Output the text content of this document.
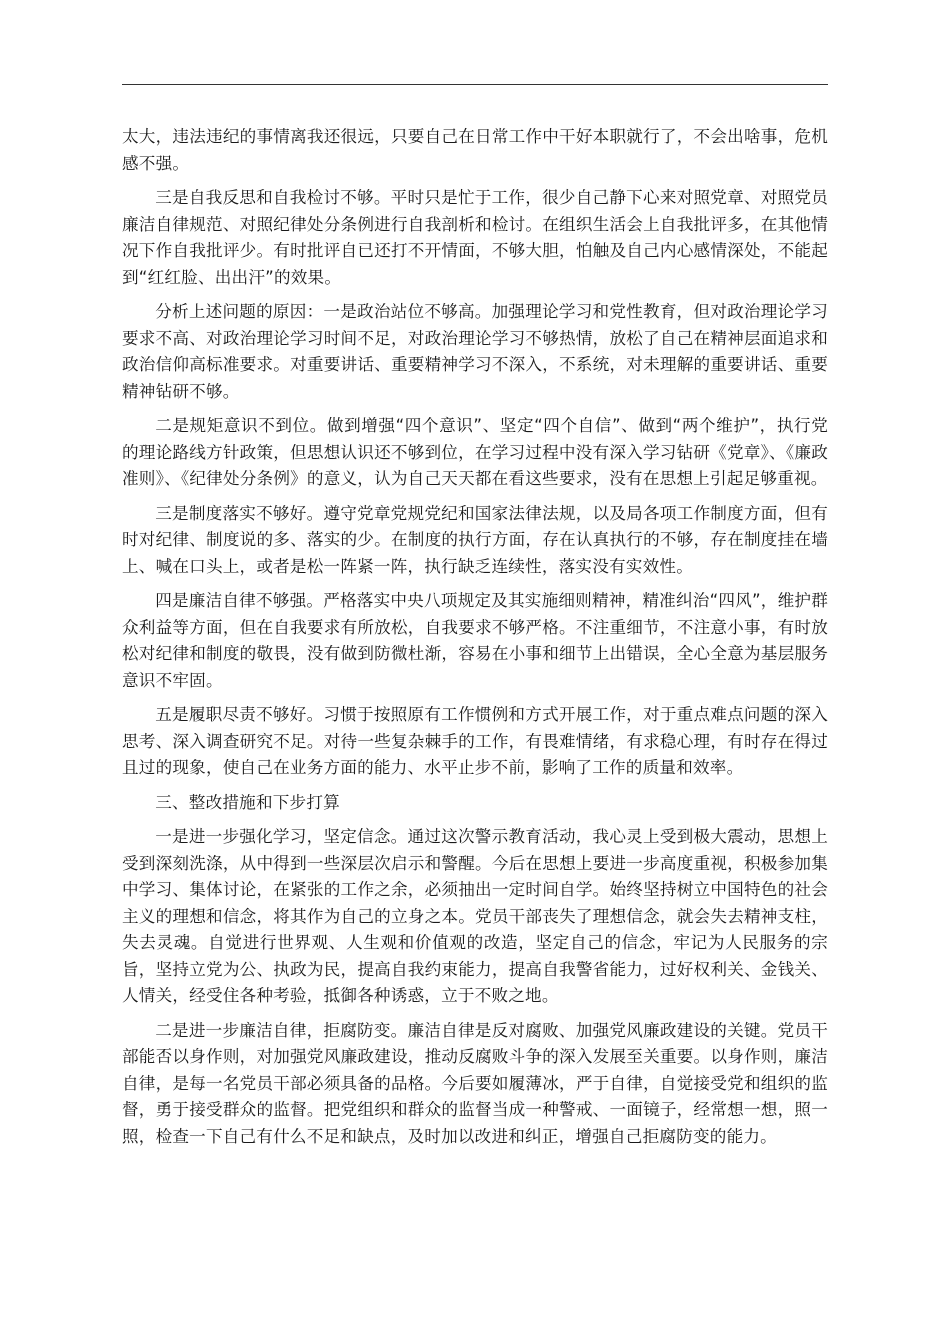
太大，违法违纪的事情离我还很远，只要自己在日常工作中干好本职就行了，不会出啥事，危机感不强。

三是自我反思和自我检讨不够。平时只是忙于工作，很少自己静下心来对照党章、对照党员廉洁自律规范、对照纪律处分条例进行自我剖析和检讨。在组织生活会上自我批评多，在其他情况下作自我批评少。有时批评自已还打不开情面，不够大胆，怕触及自己内心感情深处，不能起到“红红脸、出出汗”的效果。

分析上述问题的原因：一是政治站位不够高。加强理论学习和党性教育，但对政治理论学习要求不高、对政治理论学习时间不足，对政治理论学习不够热情，放松了自己在精神层面追求和政治信仰高标准要求。对重要讲话、重要精神学习不深入，不系统，对未理解的重要讲话、重要精神钻研不够。

二是规矩意识不到位。做到增强“四个意识”、坚定“四个自信”、做到“两个维护”，执行党的理论路线方针政策，但思想认识还不够到位，在学习过程中没有深入学习钻研《党章》、《廉政准则》、《纪律处分条例》的意义，认为自己天天都在看这些要求，没有在思想上引起足够重视。

三是制度落实不够好。遵守党章党规党纪和国家法律法规，以及局各项工作制度方面，但有时对纪律、制度说的多、落实的少。在制度的执行方面，存在认真执行的不够，存在制度挂在墙上、喊在口头上，或者是松一阵紧一阵，执行缺乏连续性，落实没有实效性。

四是廉洁自律不够强。严格落实中央八项规定及其实施细则精神，精准纠治“四风”，维护群众利益等方面，但在自我要求有所放松，自我要求不够严格。不注重细节，不注意小事，有时放松对纪律和制度的敬畏，没有做到防微杜渐，容易在小事和细节上出错误，全心全意为基层服务意识不牢固。

五是履职尽责不够好。习惯于按照原有工作惯例和方式开展工作，对于重点难点问题的深入思考、深入调查研究不足。对待一些复杂棘手的工作，有畏难情绪，有求稳心理，有时存在得过且过的现象，使自己在业务方面的能力、水平止步不前，影响了工作的质量和效率。

三、整改措施和下步打算

一是进一步强化学习，坚定信念。通过这次警示教育活动，我心灵上受到极大震动，思想上受到深刻洗涤，从中得到一些深层次启示和警醒。今后在思想上要进一步高度重视，积极参加集中学习、集体讨论，在紧张的工作之余，必须抽出一定时间自学。始终坚持树立中国特色的社会主义的理想和信念，将其作为自己的立身之本。党员干部丧失了理想信念，就会失去精神支柱，失去灵魂。自觉进行世界观、人生观和价值观的改造，坚定自己的信念，牢记为人民服务的宗旨，坚持立党为公、执政为民，提高自我约束能力，提高自我警省能力，过好权利关、金钱关、人情关，经受住各种考验，抵御各种诱惑，立于不败之地。

二是进一步廉洁自律，拒腐防变。廉洁自律是反对腐败、加强党风廉政建设的关键。党员干部能否以身作则，对加强党风廉政建设，推动反腐败斗争的深入发展至关重要。以身作则，廉洁自律，是每一名党员干部必须具备的品格。今后要如履薄冰，严于自律，自觉接受党和组织的监督，勇于接受群众的监督。把党组织和群众的监督当成一种警戒、一面镜子，经常想一想，照一照，检查一下自己有什么不足和缺点，及时加以改进和纠正，增强自己拒腐防变的能力。
